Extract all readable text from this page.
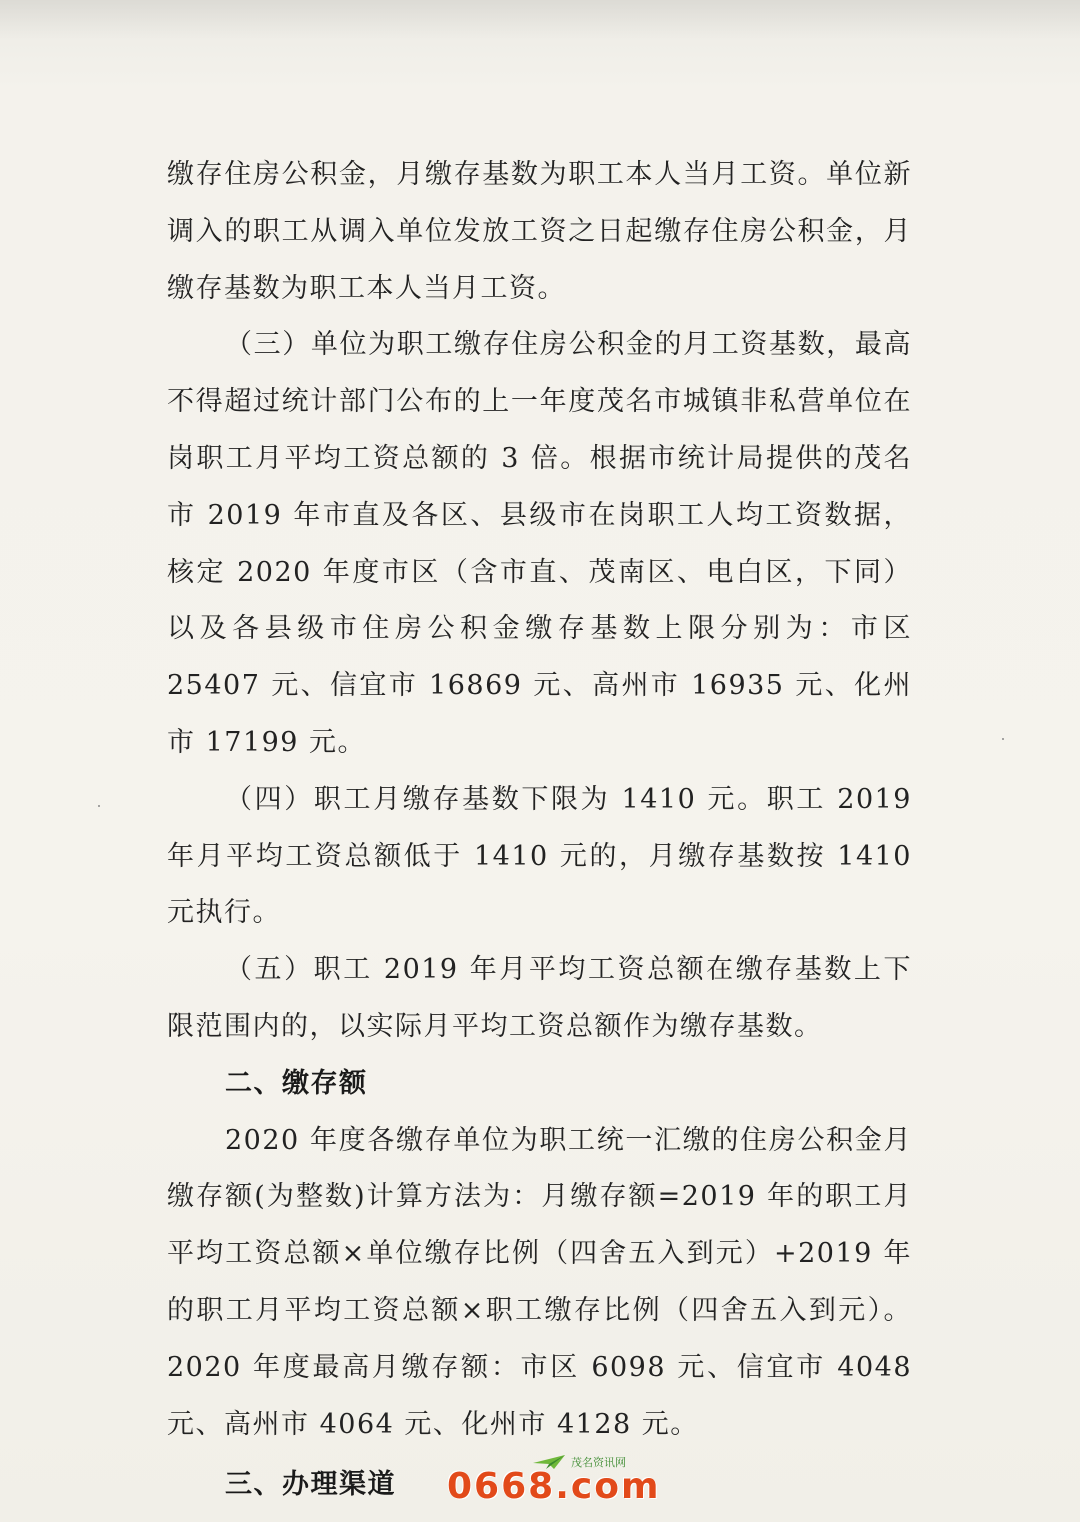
缴存住房公积金，月缴存基数为职工本人当月工资。单位新调入的职工从调入单位发放工资之日起缴存住房公积金，月缴存基数为职工本人当月工资。

（三）单位为职工缴存住房公积金的月工资基数，最高不得超过统计部门公布的上一年度茂名市城镇非私营单位在岗职工月平均工资总额的 3 倍。根据市统计局提供的茂名市 2019 年市直及各区、县级市在岗职工人均工资数据，核定 2020 年度市区（含市直、茂南区、电白区，下同）以及各县级市住房公积金缴存基数上限分别为：市区 25407 元、信宜市 16869 元、高州市 16935 元、化州市 17199 元。

（四）职工月缴存基数下限为 1410 元。职工 2019 年月平均工资总额低于 1410 元的，月缴存基数按 1410 元执行。

（五）职工 2019 年月平均工资总额在缴存基数上下限范围内的，以实际月平均工资总额作为缴存基数。

二、缴存额

2020 年度各缴存单位为职工统一汇缴的住房公积金月缴存额(为整数)计算方法为：月缴存额=2019 年的职工月平均工资总额×单位缴存比例（四舍五入到元）+2019 年的职工月平均工资总额×职工缴存比例（四舍五入到元）。2020 年度最高月缴存额：市区 6098 元、信宜市 4048 元、高州市 4064 元、化州市 4128 元。

三、办理渠道

茂名资讯网
0668.com
